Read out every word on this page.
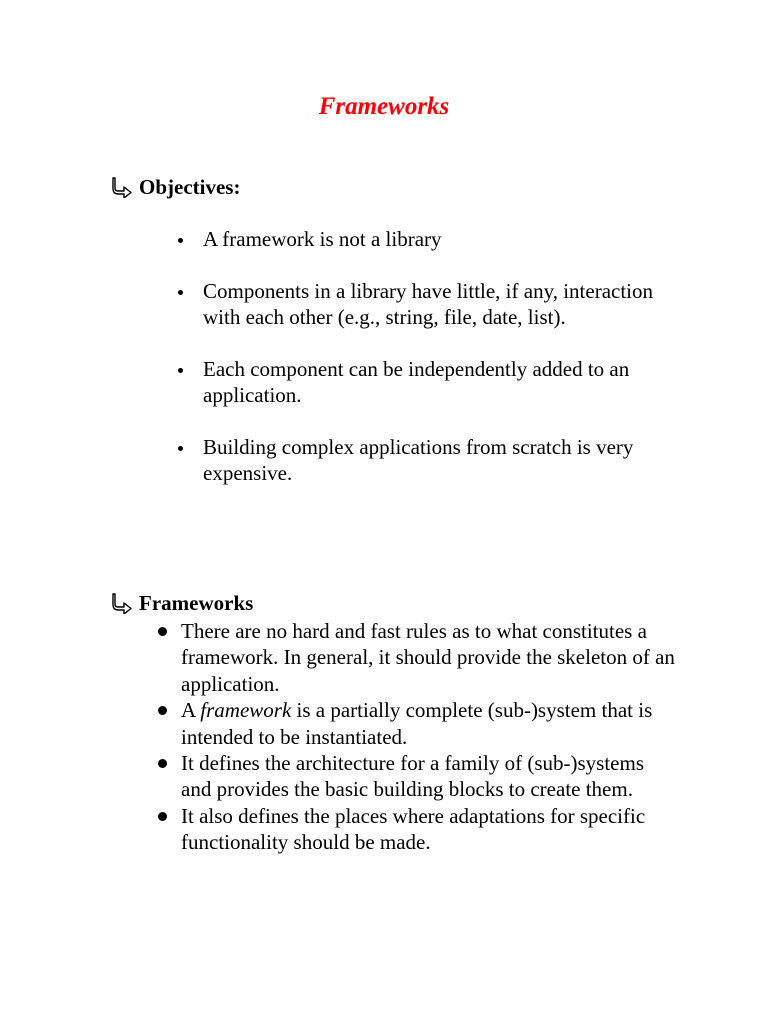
Frameworks
Objectives:
A framework is not a library
Components in a library have little, if any, interaction with each other (e.g., string, file, date, list).
Each component can be independently added to an application.
Building complex applications from scratch is very expensive.
Frameworks
There are no hard and fast rules as to what constitutes a framework. In general, it should provide the skeleton of an application.
A framework is a partially complete (sub-)system that is intended to be instantiated.
It defines the architecture for a family of (sub-)systems and provides the basic building blocks to create them.
It also defines the places where adaptations for specific functionality should be made.
